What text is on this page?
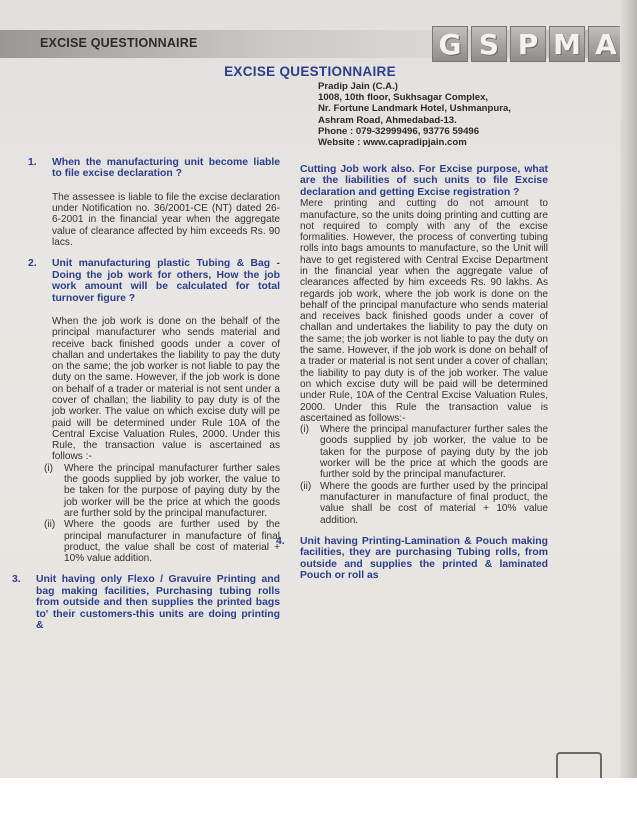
EXCISE QUESTIONNAIRE	G S P M A
EXCISE QUESTIONNAIRE
Pradip Jain (C.A.)
1008, 10th floor, Sukhsagar Complex,
Nr. Fortune Landmark Hotel, Ushmanpura,
Ashram Road, Ahmedabad-13.
Phone : 079-32999496, 93776 59496
Website : www.capradipjain.com
1.	When the manufacturing unit become liable to file excise declaration ?
The assessee is liable to file the excise declaration under Notification no. 36/2001-CE (NT) dated 26-6-2001 in the financial year when the aggregate value of clearance affected by him exceeds Rs. 90 lacs.
2.	Unit manufacturing plastic Tubing & Bag - Doing the job work for others, How the job work amount will be calculated for total turnover figure ?
When the job work is done on the behalf of the principal manufacturer who sends material and receive back finished goods under a cover of challan and undertakes the liability to pay the duty on the same; the job worker is not liable to pay the duty on the same. However, if the job work is done on behalf of a trader or material is not sent under a cover of challan; the liability to pay duty is of the job worker. The value on which excise duty will pe paid will be determined under Rule 10A of the Central Excise Valuation Rules, 2000. Under this Rule, the transaction value is ascertained as follows :-
(i)	Where the principal manufacturer further sales the goods supplied by job worker, the value to be taken for the purpose of paying duty by the job worker will be the price at which the goods are further sold by the principal manufacturer.
(ii) Where the goods are further used by the principal manufacturer in manufacture of final product, the value shall be cost of material + 10% value addition.
3.	Unit having only Flexo / Gravuire Printing and bag making facilities, Purchasing tubing rolls from outside and then supplies the printed bags to' their customers-this units are doing printing &
Cutting Job work also. For Excise purpose, what are the liabilities of such units to file Excise declaration and getting Excise registration ?
Mere printing and cutting do not amount to manufacture, so the units doing printing and cutting are not required to comply with any of the excise formalities. However, the process of converting tubing rolls into bags amounts to manufacture, so the Unit will have to get registered with Central Excise Department in the financial year when the aggregate value of clearances affected by him exceeds Rs. 90 lakhs. As regards job work, where the job work is done on the behalf of the principal manufacture who sends material and receives back finished goods under a cover of challan and undertakes the liability to pay the duty on the same; the job worker is not liable to pay the duty on the same. However, if the job work is done on behalf of a trader or material is not sent under a cover of challan; the liability to pay duty is of the job worker. The value on which excise duty will be paid will be determined under Rule, 10A of the Central Excise Valuation Rules, 2000. Under this Rule the transaction value is ascertained as follows:-
(i)	Where the principal manufacturer further sales the goods supplied by job worker, the value to be taken for the purpose of paying duty by the job worker will be the price at which the goods are further sold by the principal manufacturer.
(ii) Where the goods are further used by the principal manufacturer in manufacture of final product, the value shall be cost of material + 10% value addition.
4.	Unit having Printing-Lamination & Pouch making facilities, they are purchasing Tubing rolls, from outside and supplies the printed & laminated Pouch or roll as
